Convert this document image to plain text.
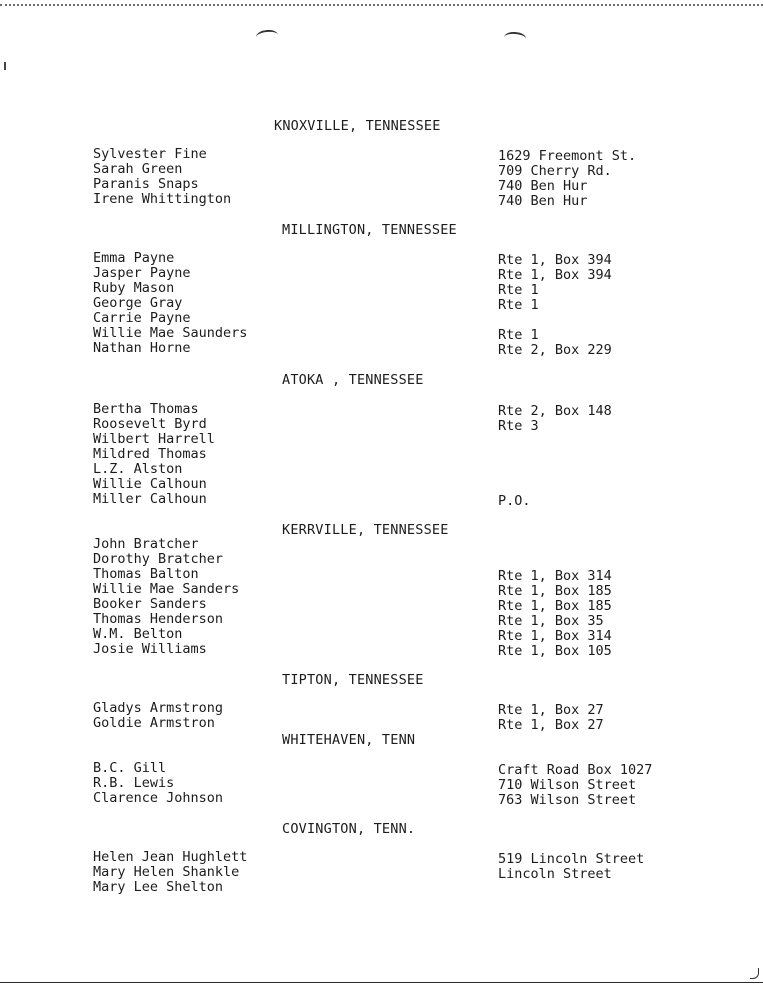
KNOXVILLE, TENNESSEE
Sylvester Fine
Sarah Green
Paranis Snaps
Irene Whittington
1629 Freemont St.
709 Cherry Rd.
740 Ben Hur
740 Ben Hur
MILLINGTON, TENNESSEE
Emma Payne
Jasper Payne
Ruby Mason
George Gray
Carrie Payne
Willie Mae Saunders
Nathan Horne
Rte 1, Box 394
Rte 1, Box 394
Rte 1
Rte 1
Rte 1
Rte 2, Box 229
ATOKA , TENNESSEE
Bertha Thomas
Roosevelt Byrd
Wilbert Harrell
Mildred Thomas
L.Z. Alston
Willie Calhoun
Miller Calhoun
Rte 2, Box 148
Rte 3
P.O.
KERRVILLE, TENNESSEE
John Bratcher
Dorothy Bratcher
Thomas Balton
Willie Mae Sanders
Booker Sanders
Thomas Henderson
W.M. Belton
Josie Williams
Rte 1, Box 314
Rte 1, Box 185
Rte 1, Box 185
Rte 1, Box 35
Rte 1, Box 314
Rte 1, Box 105
TIPTON, TENNESSEE
Gladys Armstrong
Goldie Armstron
Rte 1, Box 27
Rte 1, Box 27
WHITEHAVEN, TENN
B.C. Gill
R.B. Lewis
Clarence Johnson
Craft Road Box 1027
710 Wilson Street
763 Wilson Street
COVINGTON, TENN.
Helen Jean Hughlett
Mary Helen Shankle
Mary Lee Shelton
519 Lincoln Street
Lincoln Street
